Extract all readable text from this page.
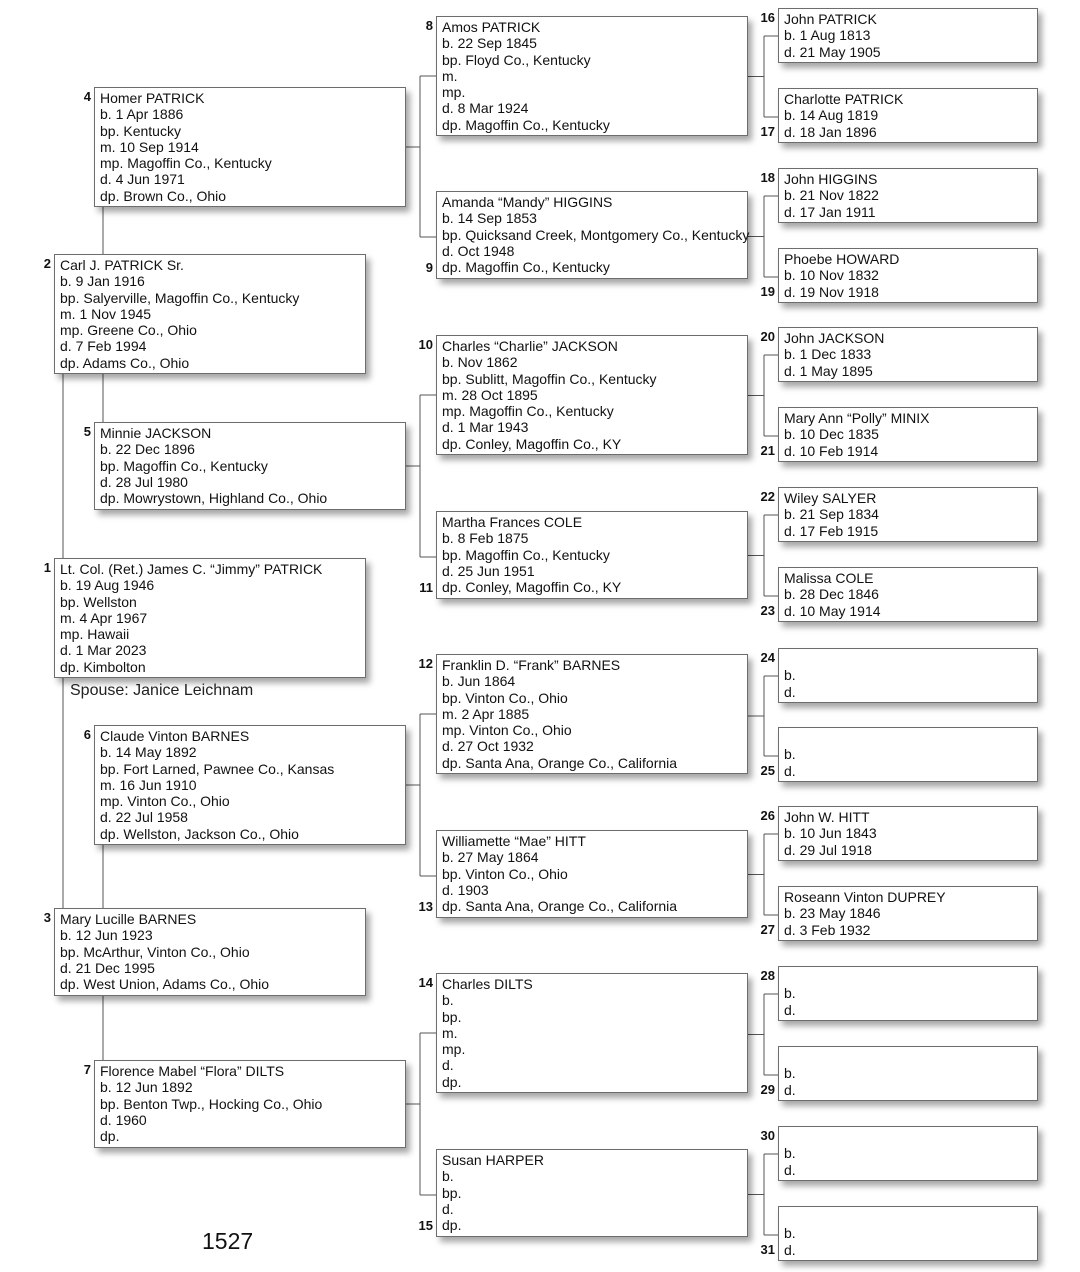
Lt. Col. (Ret.) James C. “Jimmy” PATRICK
b. 19 Aug 1946
bp. Wellston
m. 4 Apr 1967
mp. Hawaii
d. 1 Mar 2023
dp. Kimbolton
1
Carl J. PATRICK Sr.
b. 9 Jan 1916
bp. Salyerville, Magoffin Co., Kentucky
m. 1 Nov 1945
mp. Greene Co., Ohio
d. 7 Feb 1994
dp. Adams Co., Ohio
2
Mary Lucille BARNES
b. 12 Jun 1923
bp. McArthur, Vinton Co., Ohio
d. 21 Dec 1995
dp. West Union, Adams Co., Ohio
3
Homer PATRICK
b. 1 Apr 1886
bp. Kentucky
m. 10 Sep 1914
mp. Magoffin Co., Kentucky
d. 4 Jun 1971
dp. Brown Co., Ohio
4
Minnie JACKSON
b. 22 Dec 1896
bp. Magoffin Co., Kentucky
d. 28 Jul 1980
dp. Mowrystown, Highland Co., Ohio
5
Claude Vinton BARNES
b. 14 May 1892
bp. Fort Larned, Pawnee Co., Kansas
m. 16 Jun 1910
mp. Vinton Co., Ohio
d. 22 Jul 1958
dp. Wellston, Jackson Co., Ohio
6
Florence Mabel “Flora” DILTS
b. 12 Jun 1892
bp. Benton Twp., Hocking Co., Ohio
d. 1960
dp.
7
Amos PATRICK
b. 22 Sep 1845
bp. Floyd Co., Kentucky
m.
mp.
d. 8 Mar 1924
dp. Magoffin Co., Kentucky
8
Amanda “Mandy” HIGGINS
b. 14 Sep 1853
bp. Quicksand Creek, Montgomery Co., Kentucky
d. Oct 1948
dp. Magoffin Co., Kentucky
9
Charles “Charlie” JACKSON
b. Nov 1862
bp. Sublitt, Magoffin Co., Kentucky
m. 28 Oct 1895
mp. Magoffin Co., Kentucky
d. 1 Mar 1943
dp. Conley, Magoffin Co., KY
10
Martha Frances COLE
b. 8 Feb 1875
bp. Magoffin Co., Kentucky
d. 25 Jun 1951
dp. Conley, Magoffin Co., KY
11
Franklin D. “Frank” BARNES
b. Jun 1864
bp. Vinton Co., Ohio
m. 2 Apr 1885
mp. Vinton Co., Ohio
d. 27 Oct 1932
dp. Santa Ana, Orange Co., California
12
Williamette “Mae” HITT
b. 27 May 1864
bp. Vinton Co., Ohio
d. 1903
dp. Santa Ana, Orange Co., California
13
Charles DILTS
b.
bp.
m.
mp.
d.
dp.
14
Susan HARPER
b.
bp.
d.
dp.
15
John PATRICK
b. 1 Aug 1813
d. 21 May 1905
16
Charlotte PATRICK
b. 14 Aug 1819
d. 18 Jan 1896
17
John HIGGINS
b. 21 Nov 1822
d. 17 Jan 1911
18
Phoebe HOWARD
b. 10 Nov 1832
d. 19 Nov 1918
19
John JACKSON
b. 1 Dec 1833
d. 1 May 1895
20
Mary Ann “Polly” MINIX
b. 10 Dec 1835
d. 10 Feb 1914
21
Wiley SALYER
b. 21 Sep 1834
d. 17 Feb 1915
22
Malissa COLE
b. 28 Dec 1846
d. 10 May 1914
23
b.
d.
24
b.
d.
25
John W. HITT
b. 10 Jun 1843
d. 29 Jul 1918
26
Roseann Vinton DUPREY
b. 23 May 1846
d. 3 Feb 1932
27
b.
d.
28
b.
d.
29
b.
d.
30
b.
d.
31
Spouse: Janice Leichnam
1527
